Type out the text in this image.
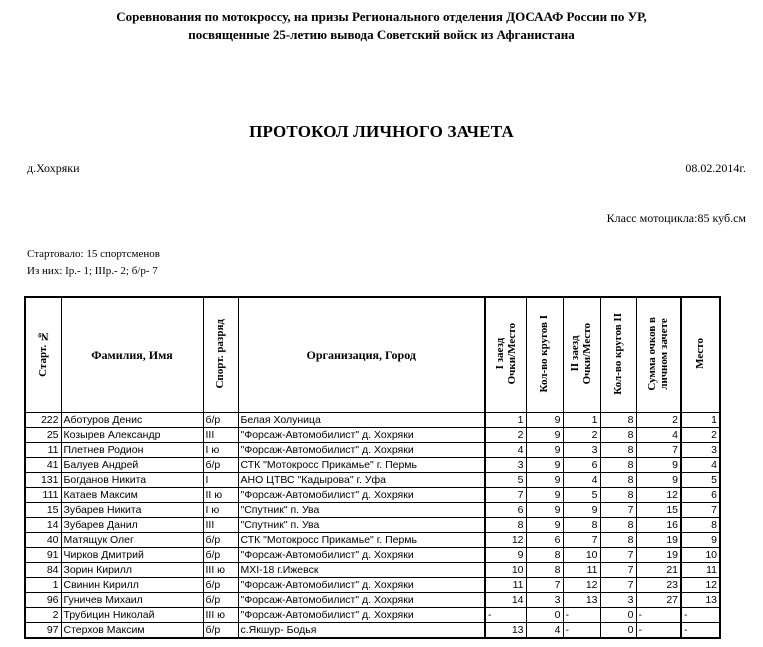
Соревнования по мотокроссу, на призы Регионального отделения ДОСААФ России по УР,
посвященные 25-летию вывода Советский войск из Афганистана
ПРОТОКОЛ ЛИЧНОГО ЗАЧЕТА
д.Хохряки	08.02.2014г.
Класс мотоцикла:85 куб.см
Стартовало: 15 спортсменов
Из них: Iр.- 1; IIIр.- 2; б/р- 7
Старт. №	Фамилия, Имя	Спорт. разряд	Организация, Город	I заезд
Очки/Место	Кол-во кругов I	II заезд
Очки/Место	Кол-во кругов II	Сумма очков в
личном зачете	Место
222	Аботуров Денис	б/р	Белая Холуница	1	9	1	8	2	1
25	Козырев Александр	III	"Форсаж-Автомобилист" д. Хохряки	2	9	2	8	4	2
11	Плетнев Родион	I ю	"Форсаж-Автомобилист" д. Хохряки	4	9	3	8	7	3
41	Балуев Андрей	б/р	СТК "Мотокросс Прикамье" г. Пермь	3	9	6	8	9	4
131	Богданов Никита	I	АНО ЦТВС "Кадырова" г. Уфа	5	9	4	8	9	5
111	Катаев Максим	II ю	"Форсаж-Автомобилист" д. Хохряки	7	9	5	8	12	6
15	Зубарев Никита	I ю	"Спутник" п. Ува	6	9	9	7	15	7
14	Зубарев Данил	III	"Спутник" п. Ува	8	9	8	8	16	8
40	Матящук Олег	б/р	СТК "Мотокросс Прикамье" г. Пермь	12	6	7	8	19	9
91	Чирков Дмитрий	б/р	"Форсаж-Автомобилист" д. Хохряки	9	8	10	7	19	10
84	Зорин Кирилл	III ю	MXI-18 г.Ижевск	10	8	11	7	21	11
1	Свинин Кирилл	б/р	"Форсаж-Автомобилист" д. Хохряки	11	7	12	7	23	12
96	Гуничев Михаил	б/р	"Форсаж-Автомобилист" д. Хохряки	14	3	13	3	27	13
2	Трубицин Николай	III ю	"Форсаж-Автомобилист" д. Хохряки	-	0	-	0	-	-
97	Стерхов Максим	б/р	с.Якшур- Бодья	13	4	-	0	-	-
